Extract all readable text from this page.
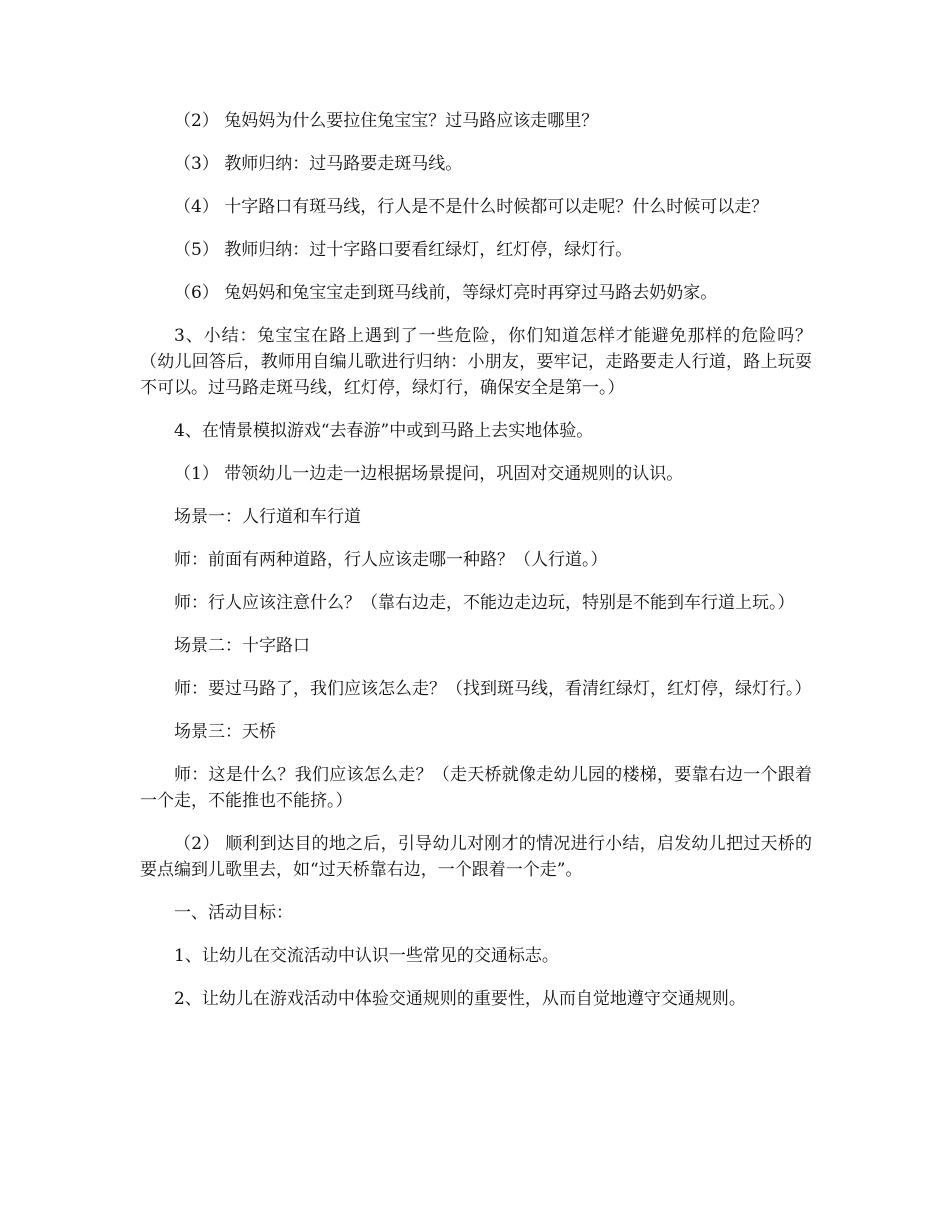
（2） 兔妈妈为什么要拉住兔宝宝？过马路应该走哪里？

（3） 教师归纳：过马路要走斑马线。

（4） 十字路口有斑马线，行人是不是什么时候都可以走呢？什么时候可以走？

（5） 教师归纳：过十字路口要看红绿灯，红灯停，绿灯行。

（6） 兔妈妈和兔宝宝走到斑马线前，等绿灯亮时再穿过马路去奶奶家。

3、小结：兔宝宝在路上遇到了一些危险，你们知道怎样才能避免那样的危险吗？（幼儿回答后，教师用自编儿歌进行归纳：小朋友，要牢记，走路要走人行道，路上玩耍不可以。过马路走斑马线，红灯停，绿灯行，确保安全是第一。）

4、在情景模拟游戏“去春游”中或到马路上去实地体验。

（1） 带领幼儿一边走一边根据场景提问，巩固对交通规则的认识。

场景一：人行道和车行道

师：前面有两种道路，行人应该走哪一种路？（人行道。）

师：行人应该注意什么？（靠右边走，不能边走边玩，特别是不能到车行道上玩。）

场景二：十字路口

师：要过马路了，我们应该怎么走？（找到斑马线，看清红绿灯，红灯停，绿灯行。）

场景三：天桥

师：这是什么？我们应该怎么走？（走天桥就像走幼儿园的楼梯，要靠右边一个跟着一个走，不能推也不能挤。）

（2） 顺利到达目的地之后，引导幼儿对刚才的情况进行小结，启发幼儿把过天桥的要点编到儿歌里去，如“过天桥靠右边，一个跟着一个走”。

一、活动目标：

1、让幼儿在交流活动中认识一些常见的交通标志。

2、让幼儿在游戏活动中体验交通规则的重要性，从而自觉地遵守交通规则。
